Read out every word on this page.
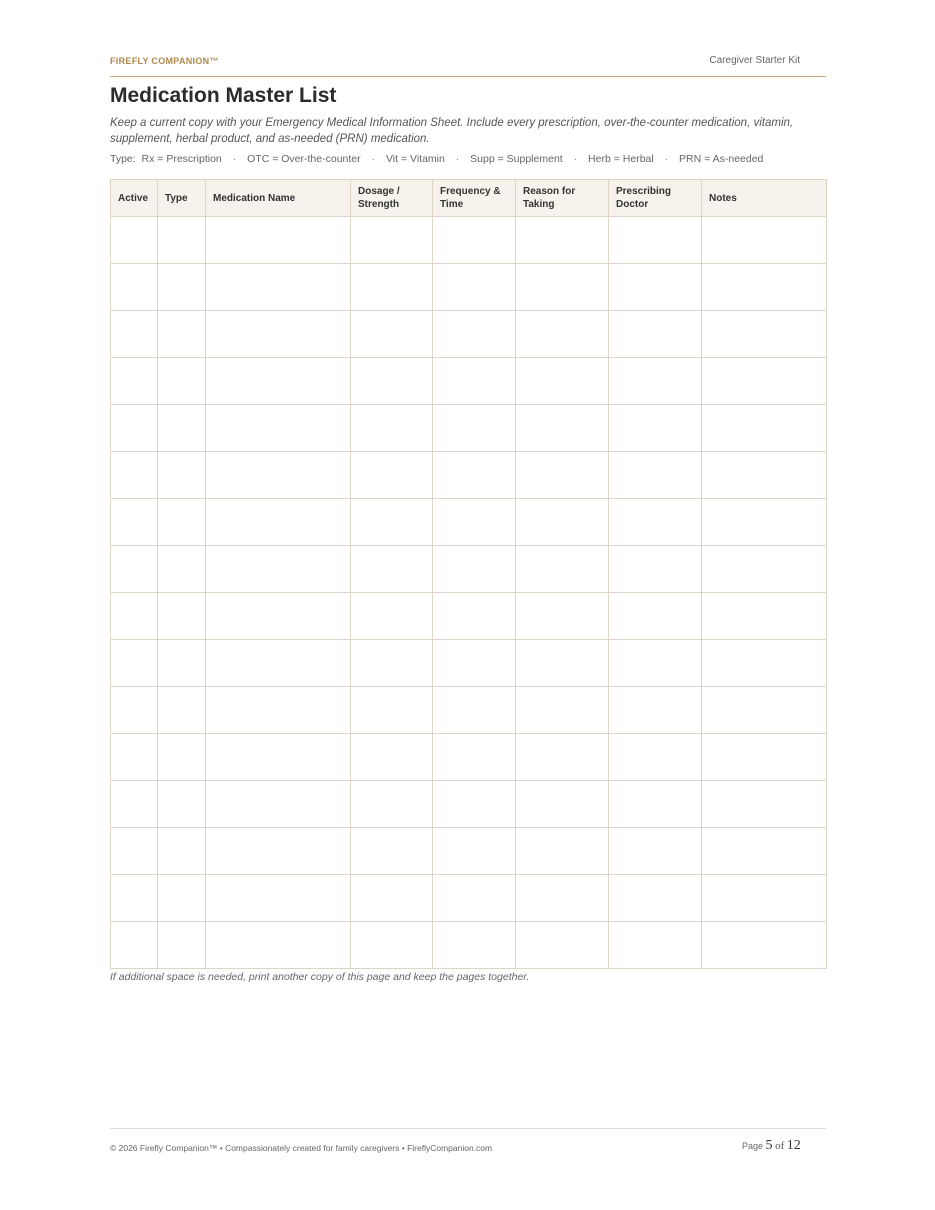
FIREFLY COMPANION™	Caregiver Starter Kit
Medication Master List
Keep a current copy with your Emergency Medical Information Sheet. Include every prescription, over-the-counter medication, vitamin, supplement, herbal product, and as-needed (PRN) medication.
Type: Rx = Prescription · OTC = Over-the-counter · Vit = Vitamin · Supp = Supplement · Herb = Herbal · PRN = As-needed
Active	Type	Medication Name	Dosage / Strength	Frequency & Time	Reason for Taking	Prescribing Doctor	Notes

If additional space is needed, print another copy of this page and keep the pages together.
© 2026 Firefly Companion™ • Compassionately created for family caregivers • FireflyCompanion.com	Page 5 of 12
